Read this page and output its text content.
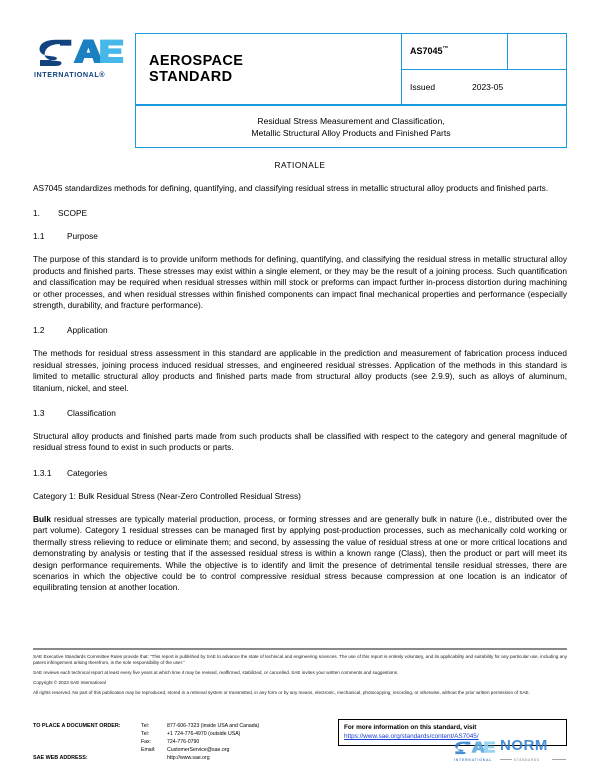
INTERNATIONAL®
AEROSPACE
STANDARD
	AS7045™	
Issued	2023-05
Residual Stress Measurement and Classification,
Metallic Structural Alloy Products and Finished Parts
RATIONALE

AS7045 standardizes methods for defining, quantifying, and classifying residual stress in metallic structural alloy products and finished parts.

1. SCOPE
1.1	Purpose

The purpose of this standard is to provide uniform methods for defining, quantifying, and classifying the residual stress in metallic structural alloy products and finished parts. These stresses may exist within a single element, or they may be the result of a joining process. Such quantification and classification may be required when residual stresses within mill stock or preforms can impact further in-process distortion during machining or other processes, and when residual stresses within finished components can impact final mechanical properties and performance (especially strength, durability, and fracture performance).

1.2	Application

The methods for residual stress assessment in this standard are applicable in the prediction and measurement of fabrication process induced residual stresses, joining process induced residual stresses, and engineered residual stresses. Application of the methods in this standard is limited to metallic structural alloy products and finished parts made from structural alloy products (see 2.9.9), such as alloys of aluminum, titanium, nickel, and steel.

1.3	Classification

Structural alloy products and finished parts made from such products shall be classified with respect to the category and general magnitude of residual stress found to exist in such products or parts.

1.3.1 Categories
Category 1: Bulk Residual Stress (Near-Zero Controlled Residual Stress)

Bulk residual stresses are typically material production, process, or forming stresses and are generally bulk in nature (i.e., distributed over the part volume). Category 1 residual stresses can be managed first by applying post-production processes, such as mechanically cold working or thermally stress relieving to reduce or eliminate them; and second, by assessing the value of residual stress at one or more critical locations and demonstrating by analysis or testing that if the assessed residual stress is within a known range (Class), then the product or part will meet its design performance requirements. While the objective is to identify and limit the presence of detrimental tensile residual stresses, there are scenarios in which the objective could be to control compressive residual stress because compression at one location is an indicator of equilibrating tension at another location.

SAE Executive Standards Committee Rules provide that: “This report is published by SAE to advance the state of technical and engineering sciences. The use of this report is entirely voluntary, and its applicability and suitability for any particular use, including any patent infringement arising therefrom, is the sole responsibility of the user.”

SAE reviews each technical report at least every five years at which time it may be revised, reaffirmed, stabilized, or cancelled. SAE invites your written comments and suggestions.

Copyright © 2023 SAE International

All rights reserved. No part of this publication may be reproduced, stored in a retrieval system or transmitted, in any form or by any means, electronic, mechanical, photocopying, recording, or otherwise, without the prior written permission of SAE.

TO PLACE A DOCUMENT ORDER:	Tel:	877-606-7323 (inside USA and Canada)
Tel:	+1 724-776-4970 (outside USA)
Fax:	724-776-0790
Email:	CustomerService@sae.org
SAE WEB ADDRESS:	http://www.sae.org
For more information on this standard, visit
https://www.sae.org/standards/content/AS7045/
NORM
INTERNATIONAL	STANDARDS
